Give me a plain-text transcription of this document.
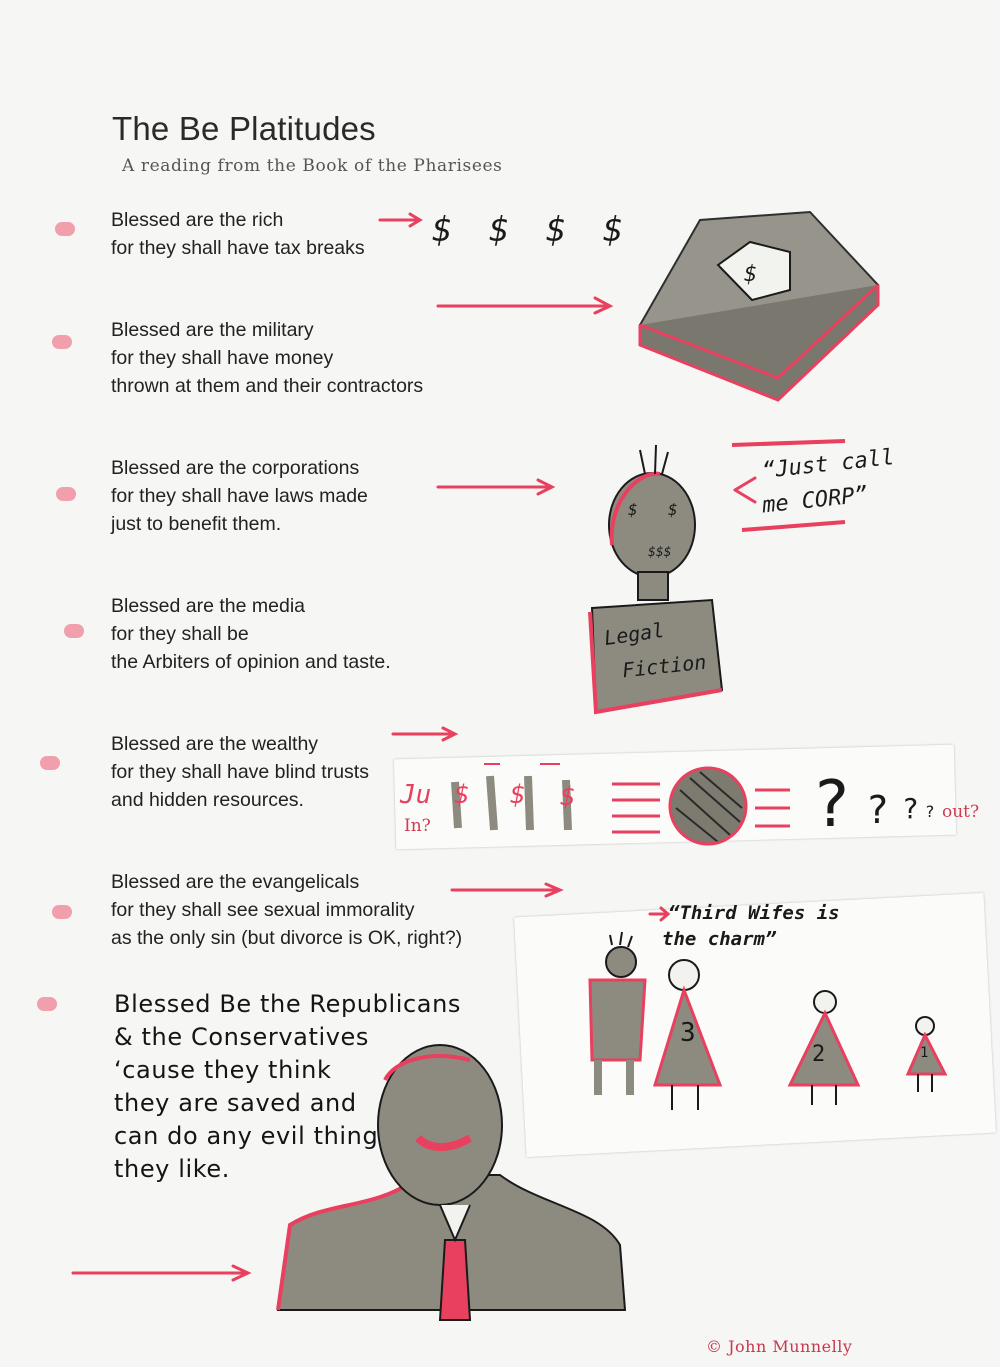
The Be Platitudes
A reading from the Book of the Pharisees
Blessed are the rich
for they shall have tax breaks
Blessed are the military
for they shall have money
thrown at them and their contractors
Blessed are the corporations
for they shall have laws made
just to benefit them.
Blessed are the media
for they shall be
the Arbiters of opinion and taste.
Blessed are the wealthy
for they shall have blind trusts
and hidden resources.
Blessed are the evangelicals
for they shall see sexual immorality
as the only sin (but divorce is OK, right?)
$ $ $ $
$
“Just call
me CORP”
$ $
$$$
Legal
Fiction
Ju $ $ $
In?	? ? ? ? out?
“Third Wifes is
the charm”
3
2	1
Blessed Be the Republicans
& the Conservatives
‘cause they think
they are saved and
can do any evil thing
they like.
© John Munnelly
